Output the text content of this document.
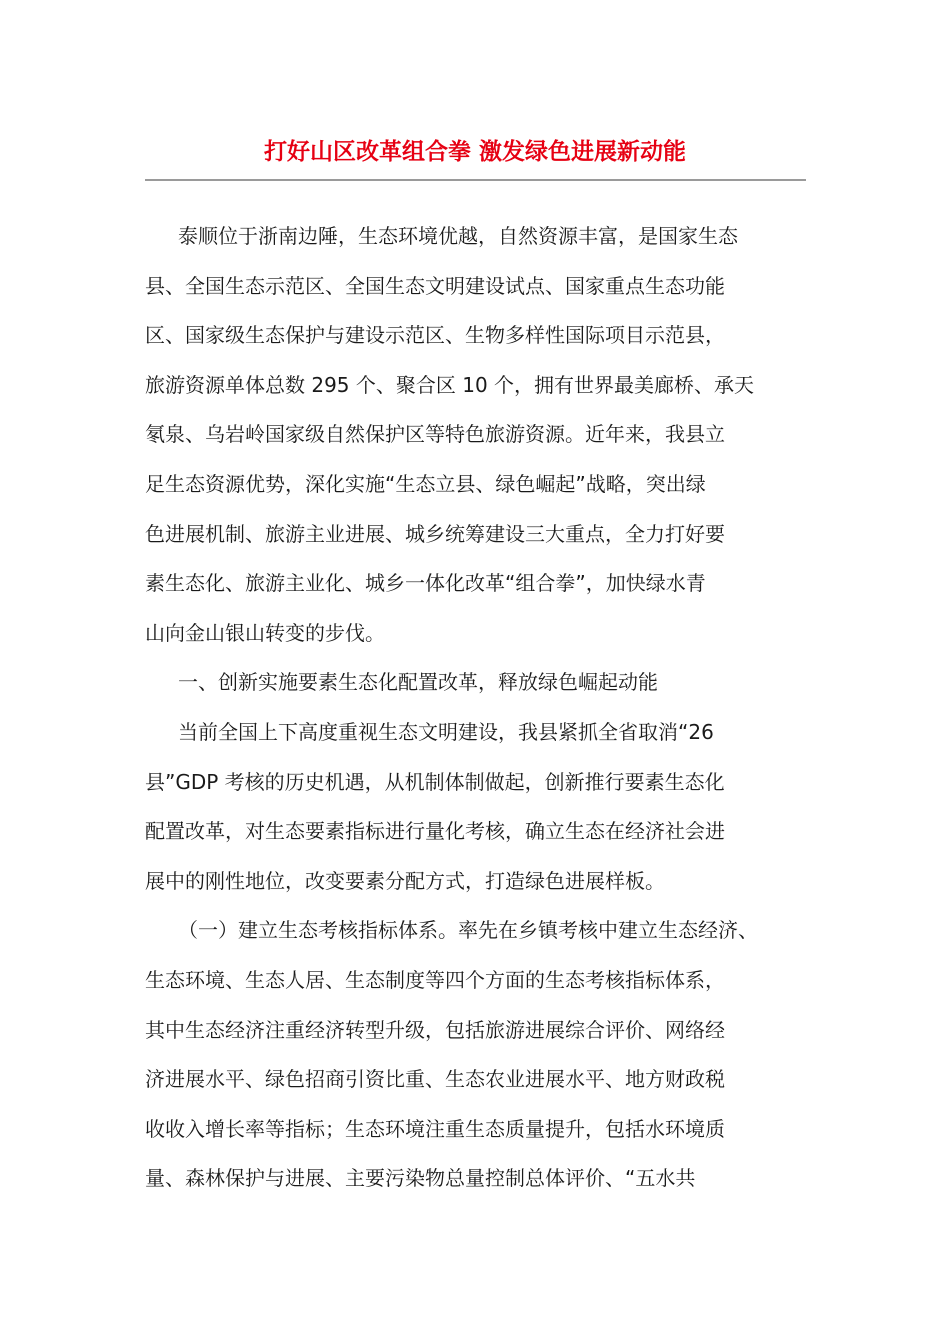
打好山区改革组合拳 激发绿色进展新动能
泰顺位于浙南边陲，生态环境优越，自然资源丰富，是国家生态
县、全国生态示范区、全国生态文明建设试点、国家重点生态功能
区、国家级生态保护与建设示范区、生物多样性国际项目示范县，
旅游资源单体总数 295 个、聚合区 10 个，拥有世界最美廊桥、承天
氡泉、乌岩岭国家级自然保护区等特色旅游资源。近年来，我县立
足生态资源优势，深化实施“生态立县、绿色崛起”战略，突出绿
色进展机制、旅游主业进展、城乡统筹建设三大重点，全力打好要
素生态化、旅游主业化、城乡一体化改革“组合拳”，加快绿水青
山向金山银山转变的步伐。
一、创新实施要素生态化配置改革，释放绿色崛起动能
当前全国上下高度重视生态文明建设，我县紧抓全省取消“26
县”GDP 考核的历史机遇，从机制体制做起，创新推行要素生态化
配置改革，对生态要素指标进行量化考核，确立生态在经济社会进
展中的刚性地位，改变要素分配方式，打造绿色进展样板。
（一）建立生态考核指标体系。率先在乡镇考核中建立生态经济、
生态环境、生态人居、生态制度等四个方面的生态考核指标体系，
其中生态经济注重经济转型升级，包括旅游进展综合评价、网络经
济进展水平、绿色招商引资比重、生态农业进展水平、地方财政税
收收入增长率等指标；生态环境注重生态质量提升，包括水环境质
量、森林保护与进展、主要污染物总量控制总体评价、“五水共
